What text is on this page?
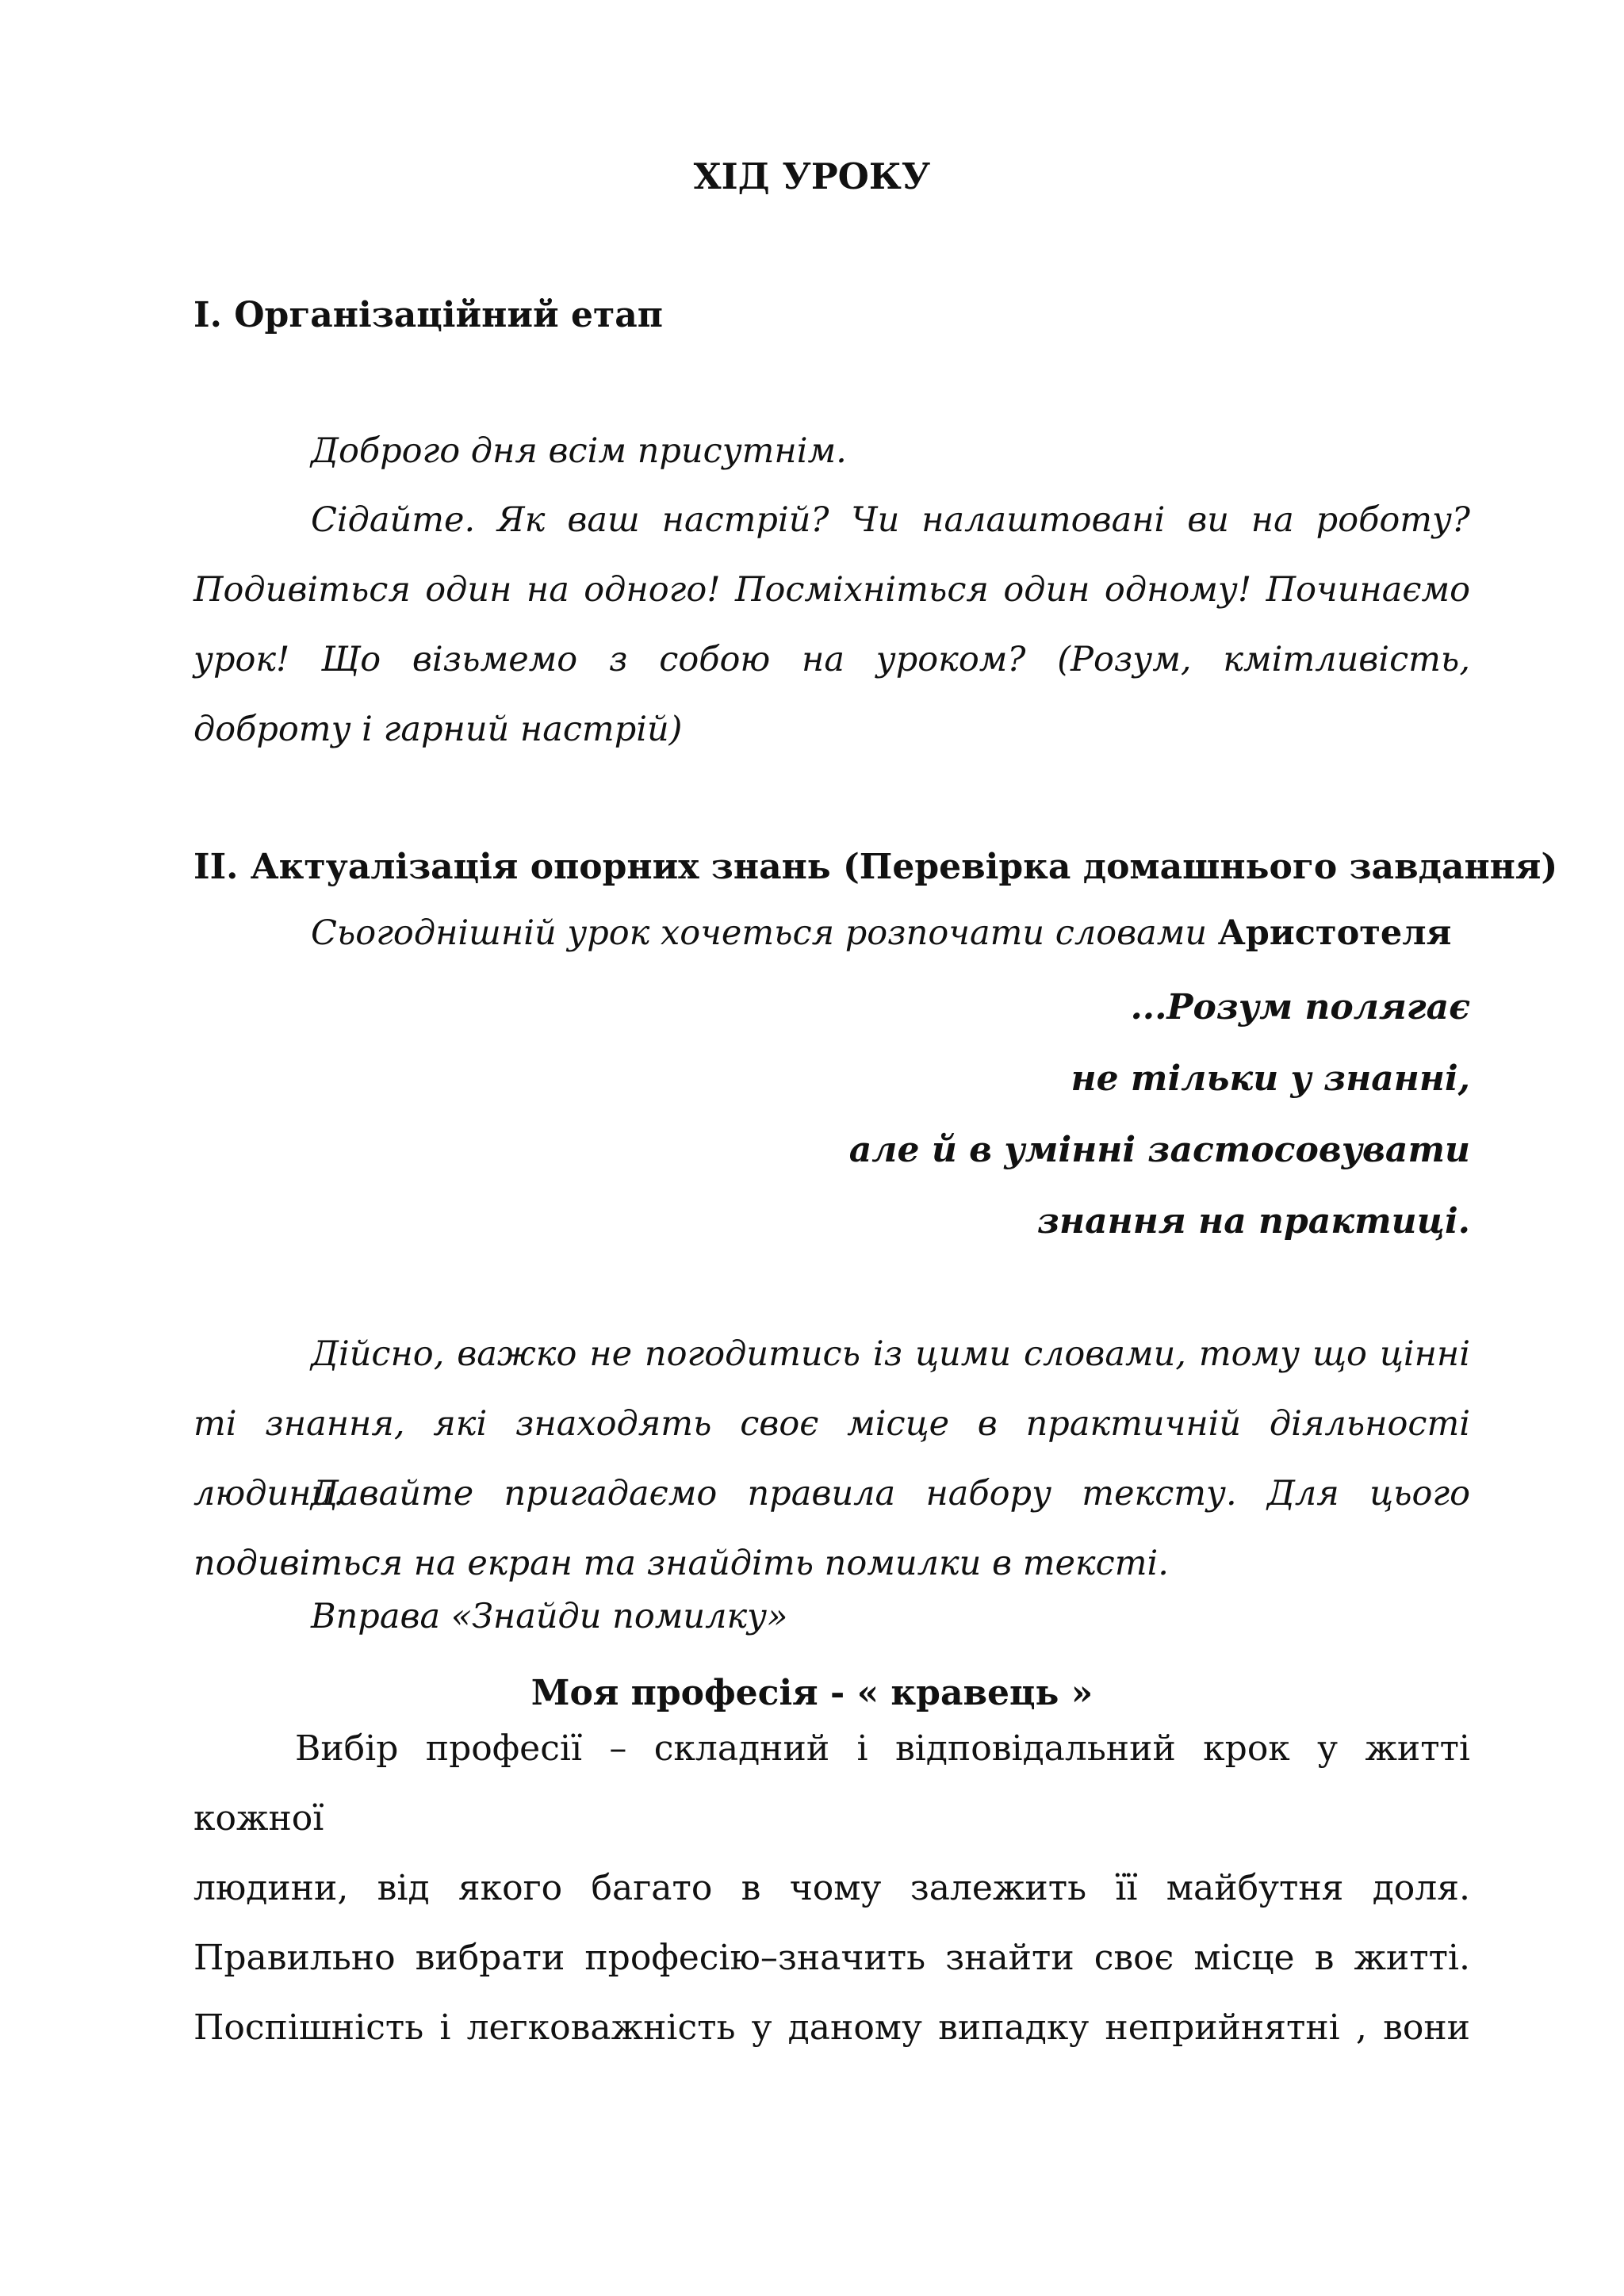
ХІД УРОКУ
I. Організаційний етап
Доброго дня всім присутнім.

Сідайте. Як ваш настрій? Чи налаштовані ви на роботу? Подивіться один на одного! Посміхніться один одному! Починаємо урок! Що візьмемо з собою на уроком? (Розум, кмітливість, доброту і гарний настрій)

II. Актуалізація опорних знань (Перевірка домашнього завдання)
Сьогоднішній урок хочеться розпочати словами Аристотеля
...Розум полягає
не тільки у знанні,
але й в умінні застосовувати
знання на практиці.

Дійсно, важко не погодитись із цими словами, тому що цінні ті знання, які знаходять своє місце в практичній діяльності людини.

Давайте пригадаємо правила набору тексту. Для цього подивіться на екран та знайдіть помилки в тексті.

Вправа «Знайди помилку»
Моя професія - « кравець »
Вибір професії – складний і відповідальний крок у житті кожної
людини, від якого багато в чому залежить її майбутня доля.
Правильно вибрати професію–значить знайти своє місце в житті.
Поспішність і легковажність у даному випадку неприйнятні , вони
